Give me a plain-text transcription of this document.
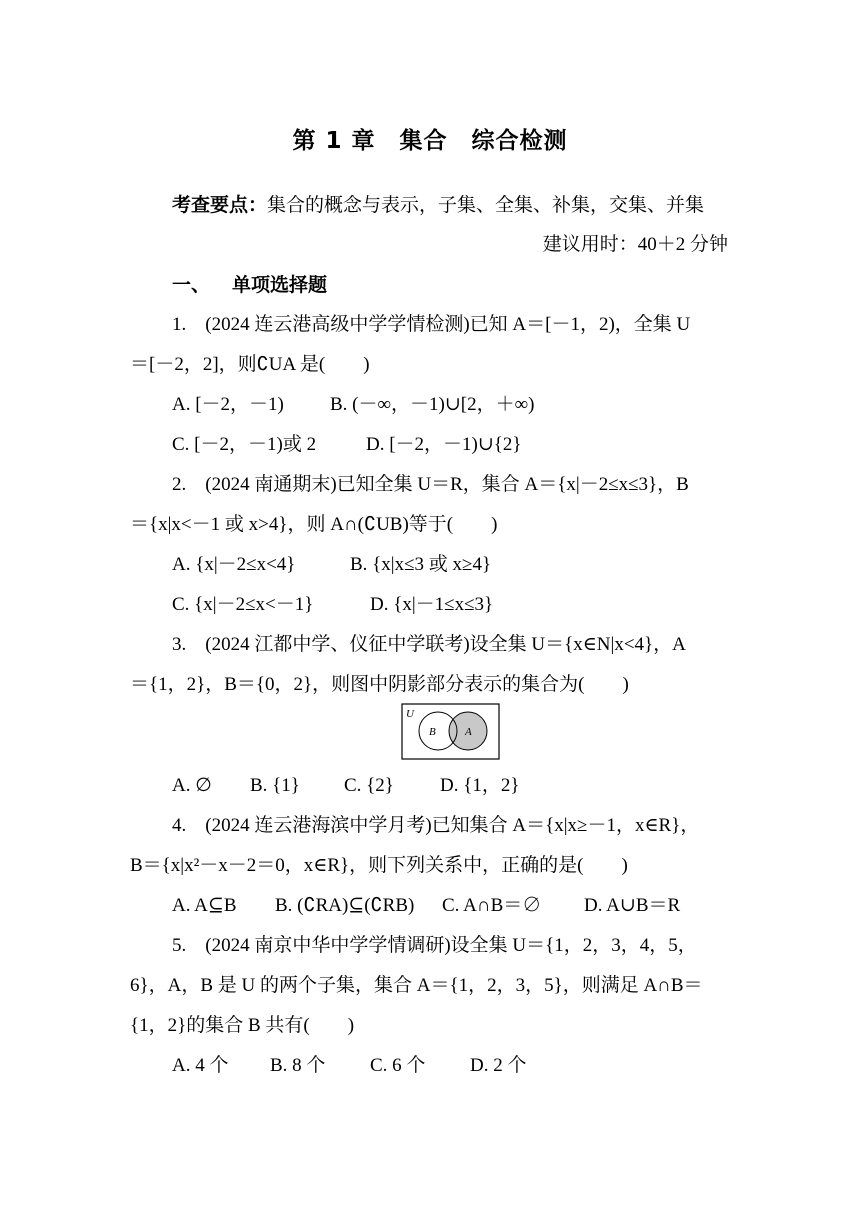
第 1 章　集合　综合检测
考查要点：集合的概念与表示，子集、全集、补集，交集、并集
建议用时：40＋2 分钟
一、 单项选择题
1.　(2024 连云港高级中学学情检测)已知 A＝[－1，2)，全集 U
＝[－2，2]，则∁UA 是(　　)
A. [－2，－1) B. (－∞，－1)∪[2，＋∞)
C. [－2，－1)或 2	D. [－2，－1)∪{2}
2.　(2024 南通期末)已知全集 U＝R，集合 A＝{x|－2≤x≤3}，B
＝{x|x<－1 或 x>4}，则 A∩(∁UB)等于(　　)
A. {x|－2≤x<4}	B. {x|x≤3 或 x≥4}
C. {x|－2≤x<－1}	D. {x|－1≤x≤3}
3.　(2024 江都中学、仪征中学联考)设全集 U＝{x∈N|x<4}，A
＝{1，2}，B＝{0，2}，则图中阴影部分表示的集合为(　　)
U
B	A
A. ∅ B. {1} C. {2} D. {1，2}
4.　(2024 连云港海滨中学月考)已知集合 A＝{x|x≥－1，x∈R}，
B＝{x|x²－x－2＝0，x∈R}，则下列关系中，正确的是(　　)
A. A⊆B B. (∁RA)⊆(∁RB) C. A∩B＝∅ D. A∪B＝R
5.　(2024 南京中华中学学情调研)设全集 U＝{1，2，3，4，5，
6}，A，B 是 U 的两个子集，集合 A＝{1，2，3，5}，则满足 A∩B＝
{1，2}的集合 B 共有(　　)
A. 4 个 B. 8 个 C. 6 个 D. 2 个
